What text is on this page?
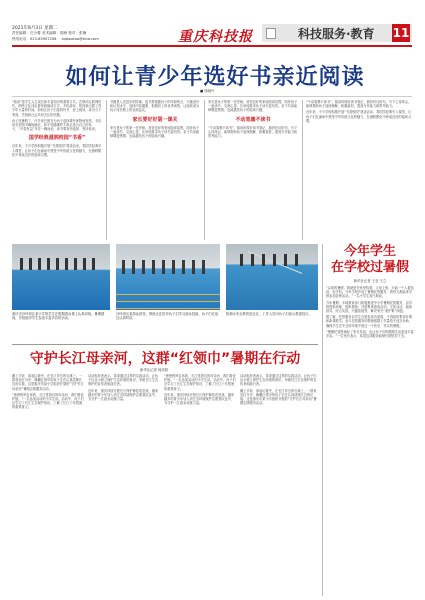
2021年8月3日 星期二
责任编辑：庄小蕾 美术编辑：胡海 校对：张楠
热线电话：023-63907206 zqtiaokao@sina.com	重庆科技报	科技服务·教育 11
如何让青少年选好书亲近阅读
■ 杨晓丹
“阅读”是学生人生成长和丰富知识的重要方式。在移动互联网时代，网络文化冲击着传统阅读方式，手机游戏、短视频占据了青少年大量的时间，如何让孩子们选到好书、爱上阅读，成为当下家庭、学校和社会共同关注的话题。
孩子放暑假了，许多家长都在为孩子选择课外读物而发愁。书店里各类图书琳琅满目，却不知道哪些才真正适合自己的孩子。“开卷有益”并非一概而论，读书要有所选择、有所取舍。
国学经典滋润校园“书香”
近年来，不少学校积极开展“书香校园”建设活动，将国学经典引入课堂，让孩子们在诵读中感受中华传统文化的魅力，在潜移默化中养成良好的阅读习惯。
书籍是人类进步的阶梯。选书要根据孩子的年龄特点、兴趣爱好和认知水平，选择内容健康、积极向上的优秀读物，让阅读成为孩子成长路上的良师益友。
家长要好好第一课关
家长是孩子的第一任老师。营造良好的家庭阅读氛围，陪伴孩子一起读书、交流心得，比单纯要求孩子读书更有效。亲子共读能够增进感情，也能激发孩子的阅读兴趣。
家长是孩子的第一任老师。营造良好的家庭阅读氛围，陪伴孩子一起读书、交流心得，比单纯要求孩子读书更有效。亲子共读能够增进感情，也能激发孩子的阅读兴趣。
不动笔墨不读书
“不动笔墨不读书”。阅读时做好读书笔记，摘抄好词好句，写下心得体会，能够帮助孩子加深理解、积累素材，提高写作能力和思考能力。
“不动笔墨不读书”。阅读时做好读书笔记，摘抄好词好句，写下心得体会，能够帮助孩子加深理解、积累素材，提高写作能力和思考能力。
近年来，不少学校积极开展“书香校园”建设活动，将国学经典引入课堂，让孩子们在诵读中感受中华传统文化的魅力，在潜移默化中养成良好的阅读习惯。
重庆市沙坪坝区某小学的学生在假期游泳课上认真训练。暑期期间，学校组织学生参加丰富多彩的活动。
沙坪坝区某游泳馆里，教练正在指导孩子们学习游泳技能，孩子们在池边认真听讲。
防溺水安全教育进社区，工作人员向孩子们演示救援技巧。
今年学生
在学校过暑假
新华社记者 王莹 王立
“以前的暑假，我就是在家里待着，父母上班，只能一个人看电视、玩手机。今年学校开设了暑期托管服务，我每天都能来学校参加各种活动。”一名小学生高兴地说。
今年暑期，多地教育部门积极推进中小学暑期托管服务，由学校提供场地、组织教师，开展集体游戏活动、文体活动、阅读指导、综合实践、兴趣拓展等，解决家长“看护难”问题。
据了解，托管服务以学生自愿参加为原则，不得组织集体补课和新课教学。参与托管服务的教师根据工作量给予适当补助，确保学生在安全的环境中度过一个快乐、充实的暑假。
“暑期托管既减轻了家长负担，也让孩子们的假期生活更加丰富多彩。”一位家长表示，希望这项服务能够长期坚持下去。
守护长江母亲河，这群“红领巾”暑期在行动
新华社记者 柯高阳
戴上手套、拿起垃圾夹，在长江岸边的石滩上，一群身穿红马甲、佩戴红领巾的孩子正在认真清理江边的垃圾。这是重庆市某小学组织开展的“守护长江母亲河”暑期志愿服务活动。
“爸爸妈妈告诉我，长江是我们的母亲河，我们要爱护她。”一名参加活动的小学生说。活动中，孩子们还学习了长江生态保护知识，了解了长江十年禁渔的重要意义。
活动组织者表示，希望通过这样的实践活动，让孩子们从小树立保护生态环境的意识，争做长江生态保护的宣传者和践行者。
近年来，重庆持续开展长江保护修复攻坚战，越来越多的青少年加入到生态环境保护志愿者队伍中，为守护一江碧水贡献力量。
“爸爸妈妈告诉我，长江是我们的母亲河，我们要爱护她。”一名参加活动的小学生说。活动中，孩子们还学习了长江生态保护知识，了解了长江十年禁渔的重要意义。
近年来，重庆持续开展长江保护修复攻坚战，越来越多的青少年加入到生态环境保护志愿者队伍中，为守护一江碧水贡献力量。
活动组织者表示，希望通过这样的实践活动，让孩子们从小树立保护生态环境的意识，争做长江生态保护的宣传者和践行者。
戴上手套、拿起垃圾夹，在长江岸边的石滩上，一群身穿红马甲、佩戴红领巾的孩子正在认真清理江边的垃圾。这是重庆市某小学组织开展的“守护长江母亲河”暑期志愿服务活动。
